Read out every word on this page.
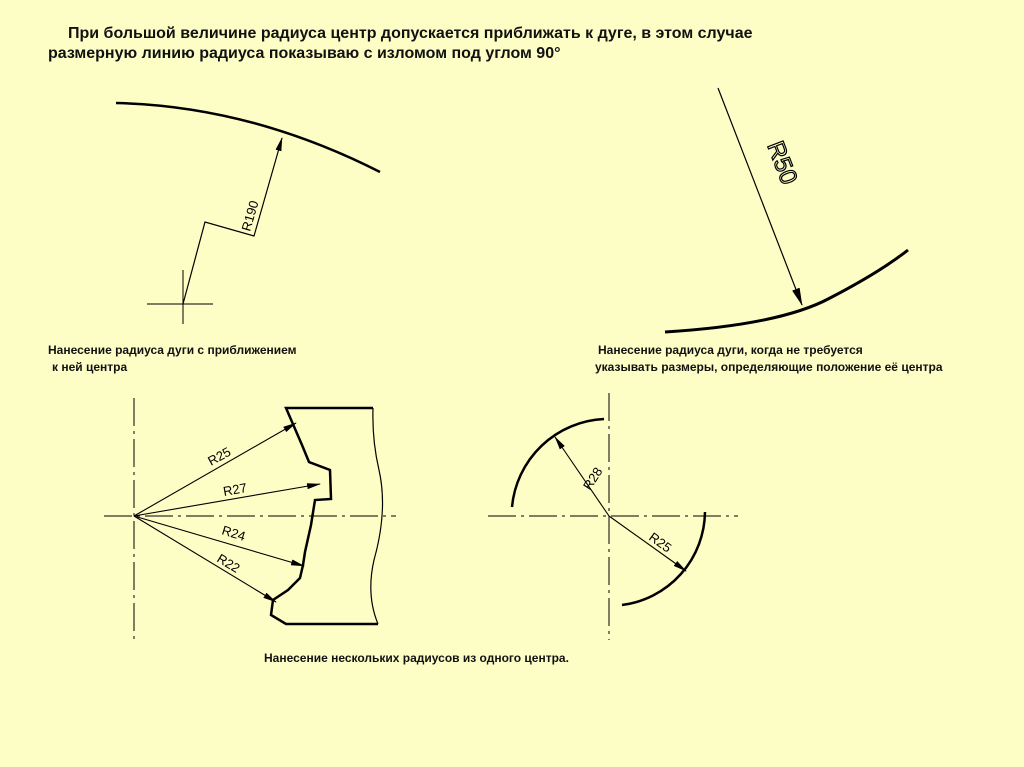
При большой величине радиуса центр допускается приближать к дуге, в этом случае
размерную линию радиуса показываю с изломом под углом 90°
R190
R50
R25
R27
R24
R22
R28
R25
Нанесение радиуса дуги с приближением
к ней центра
Нанесение радиуса дуги, когда не требуется
указывать размеры, определяющие положение её центра
Нанесение нескольких радиусов из одного центра.
